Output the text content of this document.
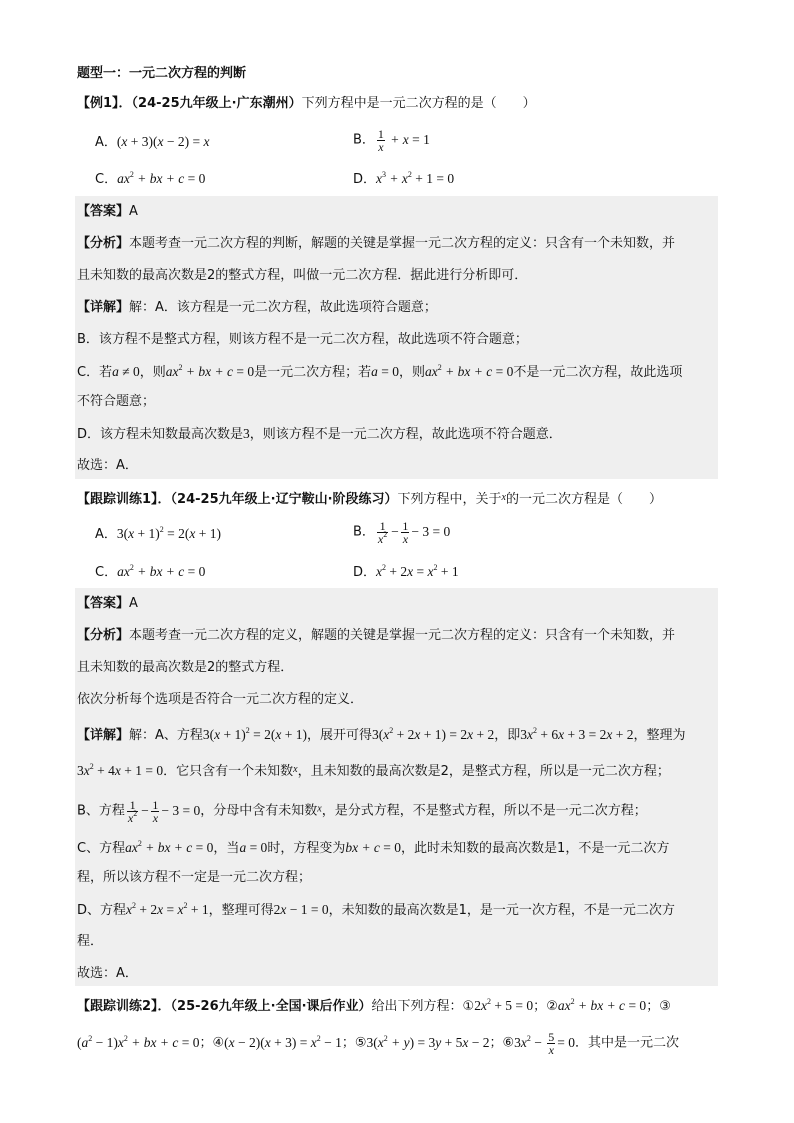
题型一：一元二次方程的判断
【例1】．（24-25九年级上·广东潮州）下列方程中是一元二次方程的是（　　）
A．(x + 3)(x − 2) = x	B． $\frac{1}{x} + x = 1$
C．$ax^2$ + bx + c = 0	D．$x^3 + x^2 + 1 = 0$
【答案】A
【分析】本题考查一元二次方程的判断，解题的关键是掌握一元二次方程的定义：只含有一个未知数，并
且未知数的最高次数是2的整式方程，叫做一元二次方程．据此进行分析即可．
【详解】解：A．该方程是一元二次方程，故此选项符合题意；
B．该方程不是整式方程，则该方程不是一元二次方程，故此选项不符合题意；
C．若a ≠ 0，则$ax^2$ + bx + c = 0是一元二次方程；若a = 0，则$ax^2$ + bx + c = 0不是一元二次方程，故此选项
不符合题意；
D．该方程未知数最高次数是3，则该方程不是一元二次方程，故此选项不符合题意．
故选：A．
【跟踪训练1】．（24-25九年级上·辽宁鞍山·阶段练习）下列方程中，关于$^x$的一元二次方程是（　　）
A．$3(x + 1)^2 = 2(x + 1)$	B． $\frac{1}{x^2} - \frac{1}{x} - 3 = 0$
C．$ax^2$ + bx + c = 0	D．$x^2 + 2x = x^2 + 1$
【答案】A
【分析】本题考查一元二次方程的定义，解题的关键是掌握一元二次方程的定义：只含有一个未知数，并
且未知数的最高次数是2的整式方程．
依次分析每个选项是否符合一元二次方程的定义．
【详解】解：A、方程$3(x + 1)^2 = 2(x + 1)$，展开可得$3(x^2 + 2x + 1) = 2x + 2$，即$3x^2 + 6x + 3 = 2x + 2$，整理为
$3x^2 + 4x + 1 = 0$．它只含有一个未知数$^x$，且未知数的最高次数是2，是整式方程，所以是一元二次方程；
B、方程 $\frac{1}{x^2} - \frac{1}{x} - 3 = 0$，分母中含有未知数$^x$，是分式方程，不是整式方程，所以不是一元二次方程；
C、方程$ax^2$ + bx + c = 0，当a = 0时，方程变为bx + c = 0，此时未知数的最高次数是1，不是一元二次方
程，所以该方程不一定是一元二次方程；
D、方程$x^2 + 2x = x^2 + 1$，整理可得2x − 1 = 0，未知数的最高次数是1，是一元一次方程，不是一元二次方
程．
故选：A．
【跟踪训练2】．（25-26九年级上·全国·课后作业）给出下列方程：$①2x^2 + 5 = 0$；$②ax^2$ + bx + c = 0；③
$(a^2 - 1)x^2$ + bx + c = 0；④(x − $2)(x + 3) = x^2 - 1$；$⑤3(x^2 + y) = 3y + 5x - 2$；$⑥3x^2 - \frac{5}{x} = 0$．其中是一元二次
